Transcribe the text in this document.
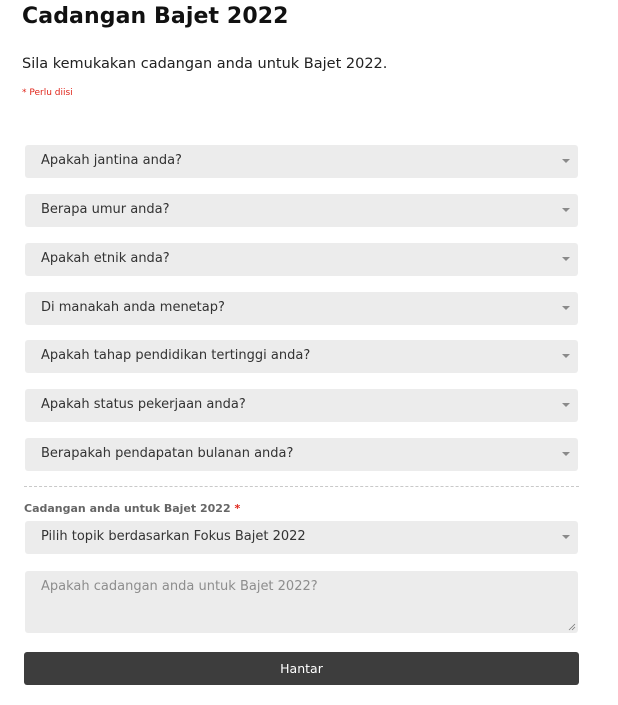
Cadangan Bajet 2022

Sila kemukakan cadangan anda untuk Bajet 2022.

* Perlu diisi
Apakah jantina anda?
Berapa umur anda?
Apakah etnik anda?
Di manakah anda menetap?
Apakah tahap pendidikan tertinggi anda?
Apakah status pekerjaan anda?
Berapakah pendapatan bulanan anda?
Cadangan anda untuk Bajet 2022 *
Pilih topik berdasarkan Fokus Bajet 2022
Apakah cadangan anda untuk Bajet 2022?
Hantar
